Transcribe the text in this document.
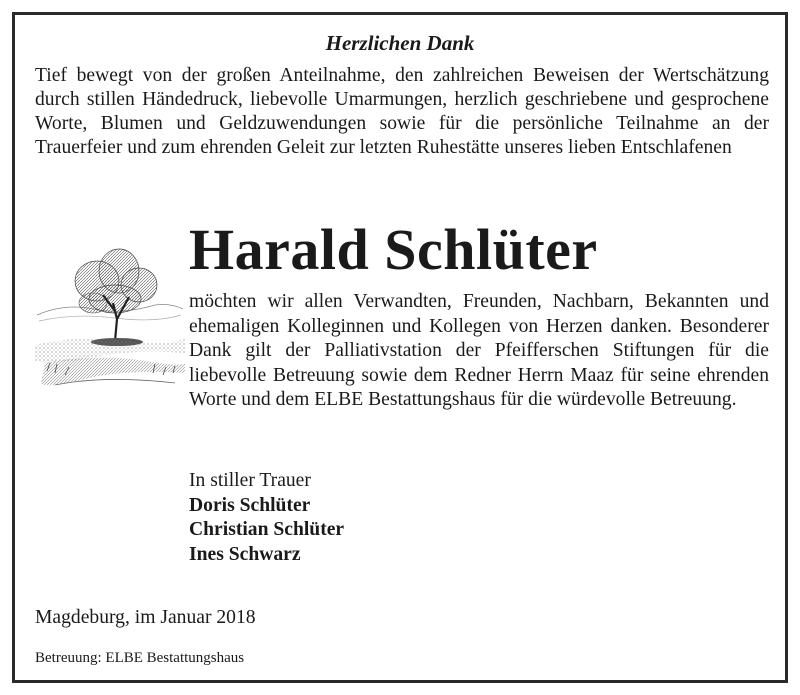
Herzlichen Dank

Tief bewegt von der großen Anteilnahme, den zahlreichen Beweisen der Wertschätzung durch stillen Händedruck, liebevolle Umarmungen, herzlich geschriebene und gesprochene Worte, Blumen und Geldzuwendungen sowie für die persönliche Teilnahme an der Trauerfeier und zum ehrenden Geleit zur letzten Ruhestätte unseres lieben Entschlafenen

Harald Schlüter

möchten wir allen Verwandten, Freunden, Nachbarn, Bekannten und ehemaligen Kolleginnen und Kollegen von Herzen danken. Besonderer Dank gilt der Palliativstation der Pfeifferschen Stiftungen für die liebevolle Betreuung sowie dem Redner Herrn Maaz für seine ehrenden Worte und dem ELBE Bestattungshaus für die würdevolle Betreuung.

In stiller Trauer
Doris Schlüter
Christian Schlüter
Ines Schwarz
Magdeburg, im Januar 2018
Betreuung: ELBE Bestattungshaus
